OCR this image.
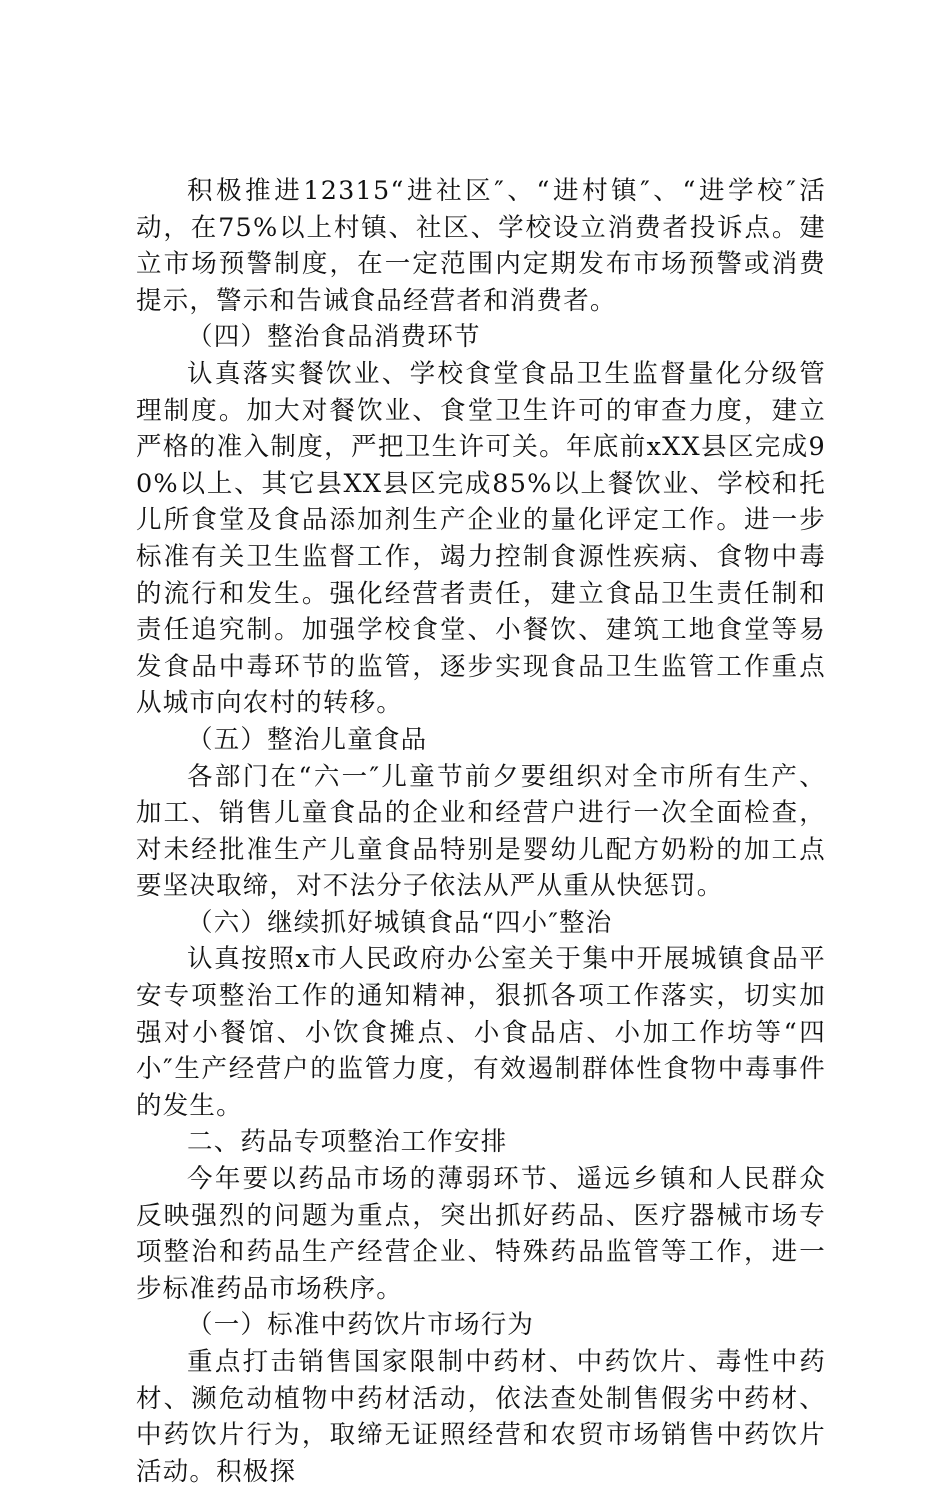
积极推进12315“进社区″、“进村镇″、“进学校″活动，在75%以上村镇、社区、学校设立消费者投诉点。建立市场预警制度，在一定范围内定期发布市场预警或消费提示，警示和告诫食品经营者和消费者。

（四）整治食品消费环节

认真落实餐饮业、学校食堂食品卫生监督量化分级管理制度。加大对餐饮业、食堂卫生许可的审查力度，建立严格的准入制度，严把卫生许可关。年底前xXX县区完成90%以上、其它县XX县区完成85%以上餐饮业、学校和托儿所食堂及食品添加剂生产企业的量化评定工作。进一步标准有关卫生监督工作，竭力控制食源性疾病、食物中毒的流行和发生。强化经营者责任，建立食品卫生责任制和责任追究制。加强学校食堂、小餐饮、建筑工地食堂等易发食品中毒环节的监管，逐步实现食品卫生监管工作重点从城市向农村的转移。

（五）整治儿童食品

各部门在“六一″儿童节前夕要组织对全市所有生产、加工、销售儿童食品的企业和经营户进行一次全面检查，对未经批准生产儿童食品特别是婴幼儿配方奶粉的加工点要坚决取缔，对不法分子依法从严从重从快惩罚。

（六）继续抓好城镇食品“四小″整治

认真按照x市人民政府办公室关于集中开展城镇食品平安专项整治工作的通知精神，狠抓各项工作落实，切实加强对小餐馆、小饮食摊点、小食品店、小加工作坊等“四小″生产经营户的监管力度，有效遏制群体性食物中毒事件的发生。

二、药品专项整治工作安排

今年要以药品市场的薄弱环节、遥远乡镇和人民群众反映强烈的问题为重点，突出抓好药品、医疗器械市场专项整治和药品生产经营企业、特殊药品监管等工作，进一步标准药品市场秩序。

（一）标准中药饮片市场行为

重点打击销售国家限制中药材、中药饮片、毒性中药材、濒危动植物中药材活动，依法查处制售假劣中药材、中药饮片行为，取缔无证照经营和农贸市场销售中药饮片活动。积极探
